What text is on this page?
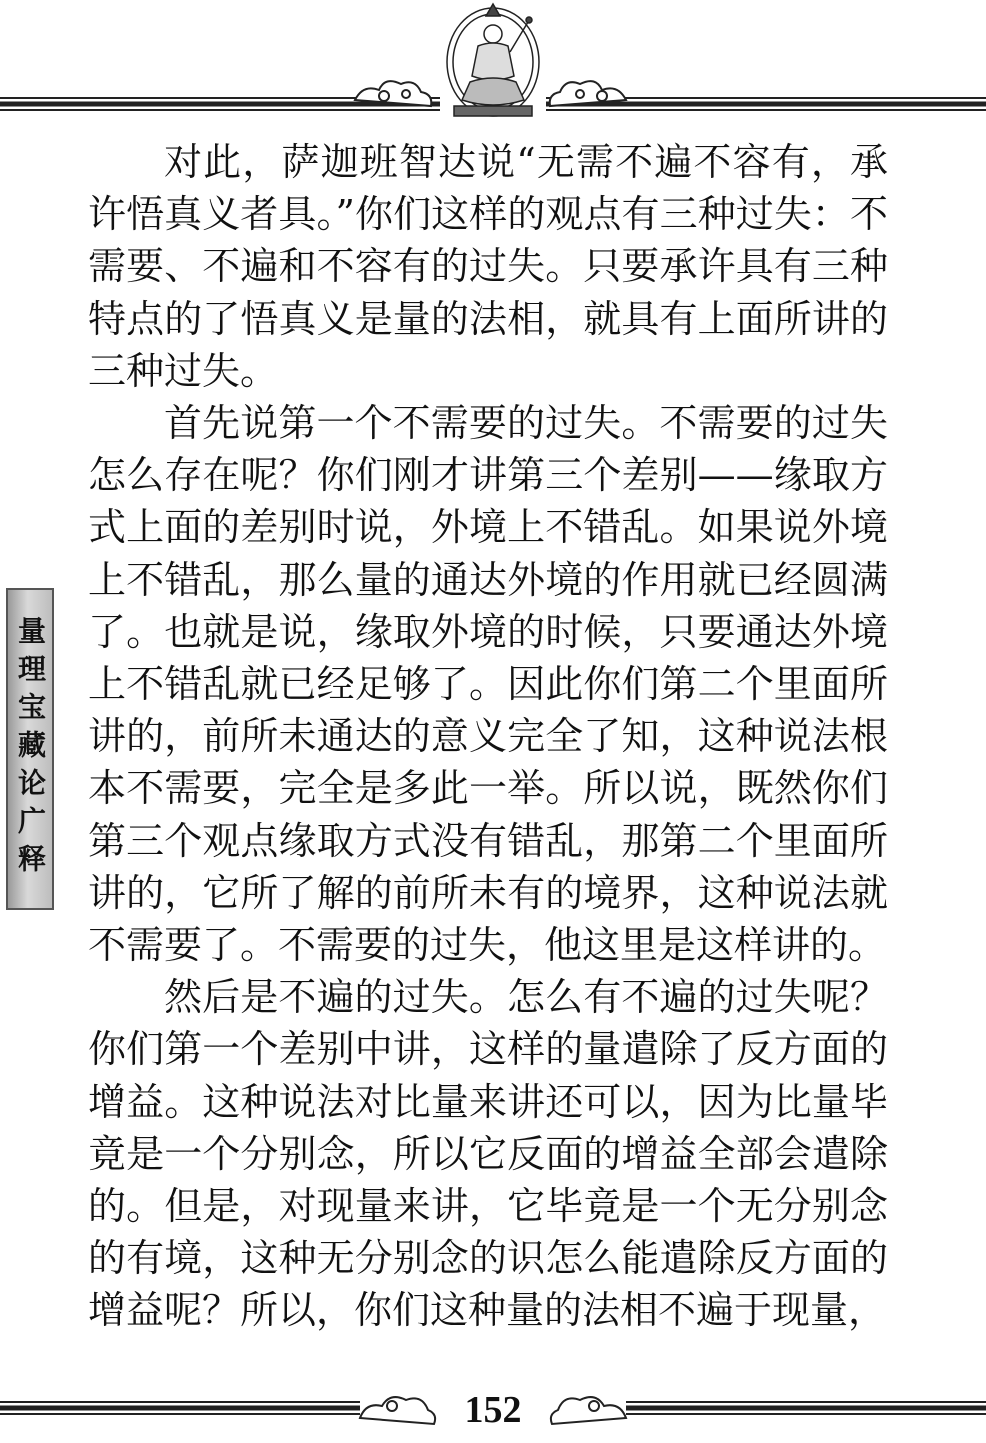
量理宝藏论广释

对此，萨迦班智达说“无需不遍不容有，承许悟真义者具。”你们这样的观点有三种过失：不需要、不遍和不容有的过失。只要承许具有三种特点的了悟真义是量的法相，就具有上面所讲的三种过失。

首先说第一个不需要的过失。不需要的过失怎么存在呢？你们刚才讲第三个差别——缘取方式上面的差别时说，外境上不错乱。如果说外境上不错乱，那么量的通达外境的作用就已经圆满了。也就是说，缘取外境的时候，只要通达外境上不错乱就已经足够了。因此你们第二个里面所讲的，前所未通达的意义完全了知，这种说法根本不需要，完全是多此一举。所以说，既然你们第三个观点缘取方式没有错乱，那第二个里面所讲的，它所了解的前所未有的境界，这种说法就不需要了。不需要的过失，他这里是这样讲的。

然后是不遍的过失。怎么有不遍的过失呢？你们第一个差别中讲，这样的量遣除了反方面的增益。这种说法对比量来讲还可以，因为比量毕竟是一个分别念，所以它反面的增益全部会遣除的。但是，对现量来讲，它毕竟是一个无分别念的有境，这种无分别念的识怎么能遣除反方面的增益呢？所以，你们这种量的法相不遍于现量，

152
